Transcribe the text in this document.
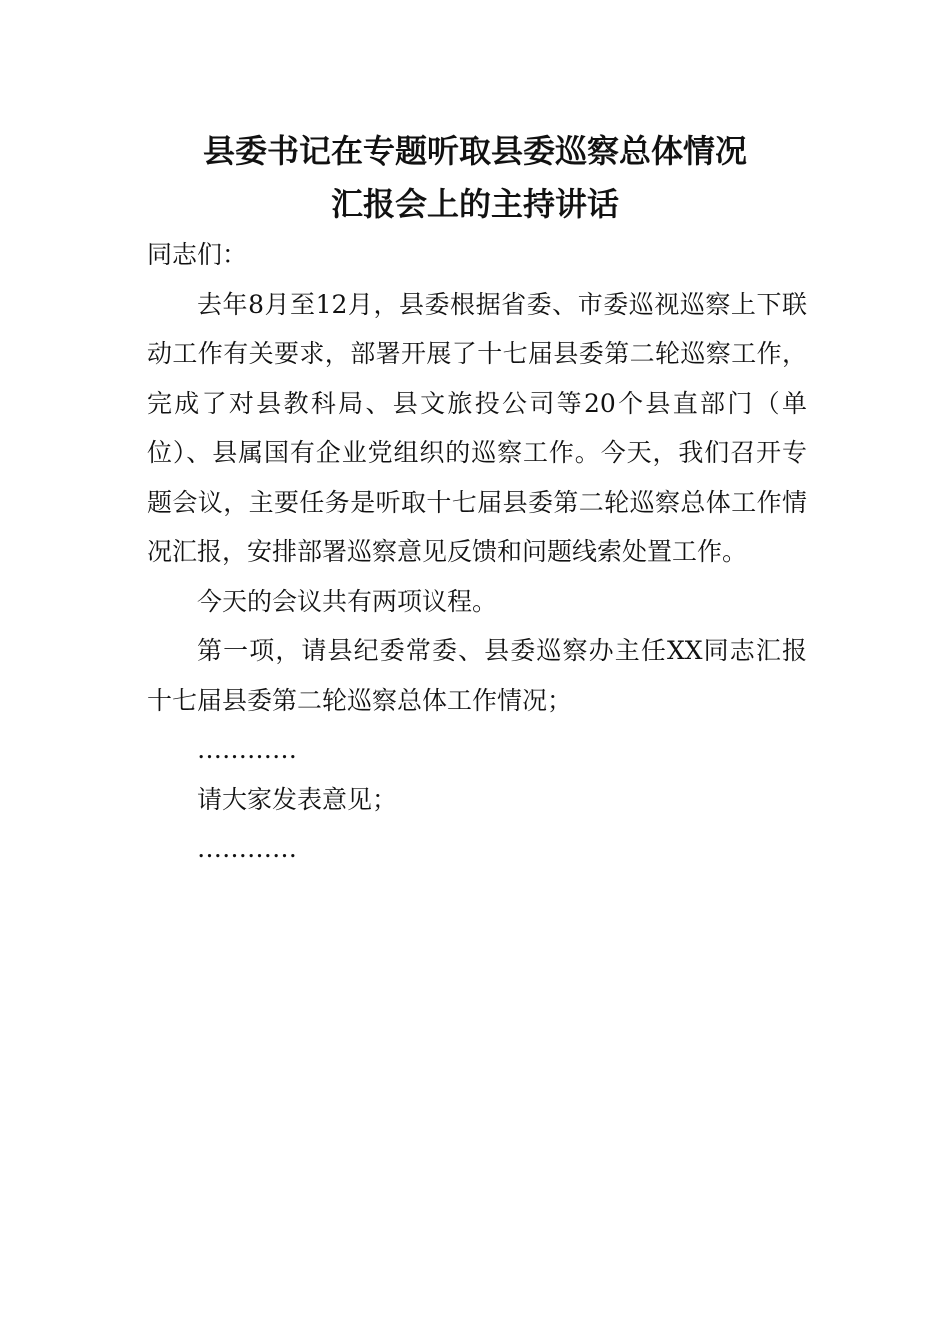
县委书记在专题听取县委巡察总体情况
汇报会上的主持讲话

同志们：

去年8月至12月，县委根据省委、市委巡视巡察上下联动工作有关要求，部署开展了十七届县委第二轮巡察工作，完成了对县教科局、县文旅投公司等20个县直部门（单位）、县属国有企业党组织的巡察工作。今天，我们召开专题会议，主要任务是听取十七届县委第二轮巡察总体工作情况汇报，安排部署巡察意见反馈和问题线索处置工作。

今天的会议共有两项议程。

第一项，请县纪委常委、县委巡察办主任XX同志汇报十七届县委第二轮巡察总体工作情况；

…………

请大家发表意见；

…………
